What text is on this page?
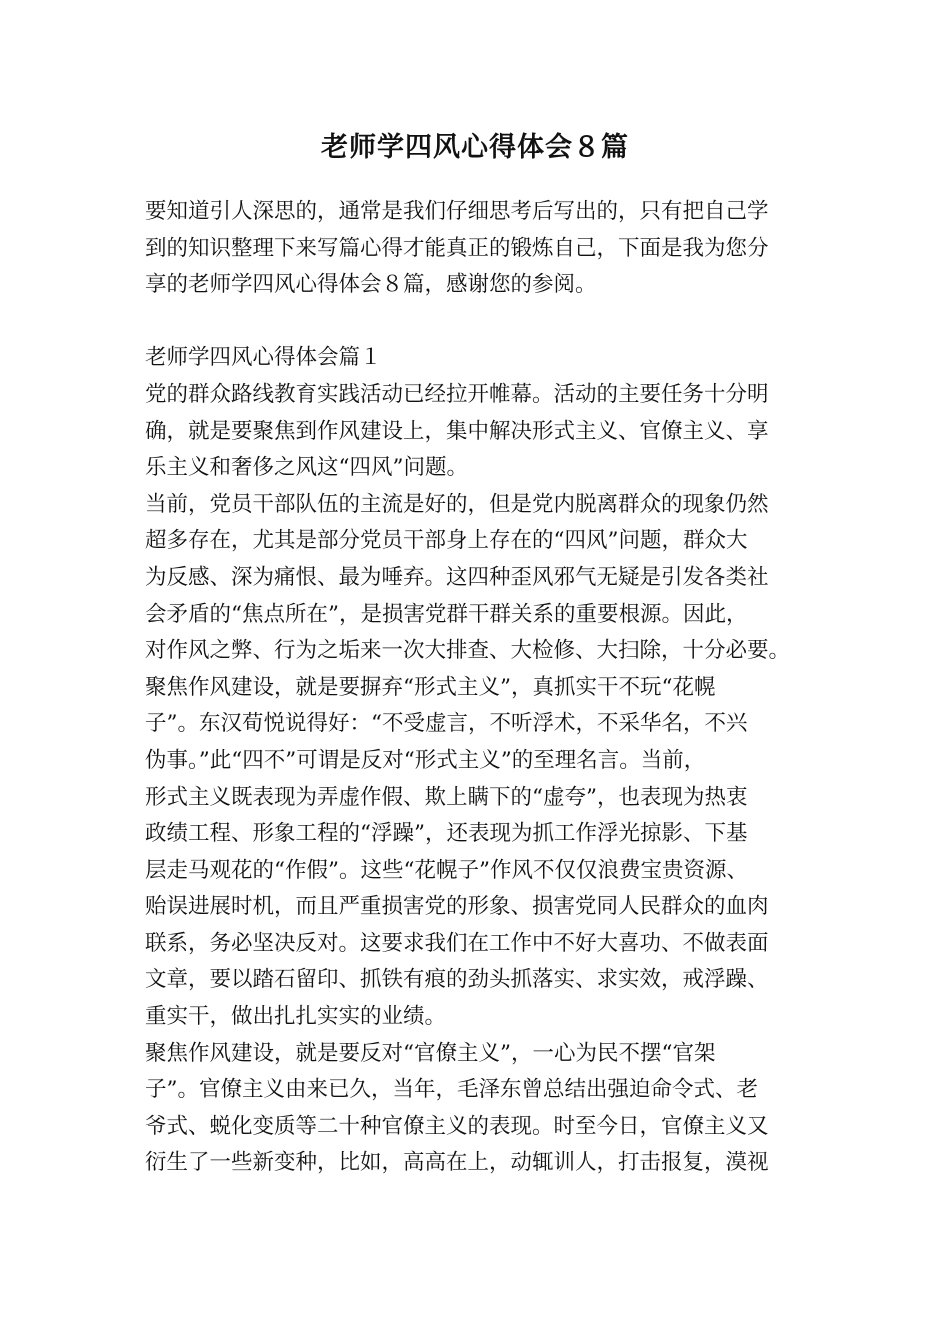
老师学四风心得体会８篇
要知道引人深思的，通常是我们仔细思考后写出的，只有把自己学
到的知识整理下来写篇心得才能真正的锻炼自己，下面是我为您分
享的老师学四风心得体会８篇，感谢您的参阅。
老师学四风心得体会篇１
党的群众路线教育实践活动已经拉开帷幕。活动的主要任务十分明
确，就是要聚焦到作风建设上，集中解决形式主义、官僚主义、享
乐主义和奢侈之风这“四风”问题。
当前，党员干部队伍的主流是好的，但是党内脱离群众的现象仍然
超多存在，尤其是部分党员干部身上存在的“四风”问题，群众大
为反感、深为痛恨、最为唾弃。这四种歪风邪气无疑是引发各类社
会矛盾的“焦点所在”，是损害党群干群关系的重要根源。因此，
对作风之弊、行为之垢来一次大排查、大检修、大扫除，十分必要。
聚焦作风建设，就是要摒弃“形式主义”，真抓实干不玩“花幌
子”。东汉荀悦说得好：“不受虚言，不听浮术，不采华名，不兴
伪事。”此“四不”可谓是反对“形式主义”的至理名言。当前，
形式主义既表现为弄虚作假、欺上瞒下的“虚夸”，也表现为热衷
政绩工程、形象工程的“浮躁”，还表现为抓工作浮光掠影、下基
层走马观花的“作假”。这些“花幌子”作风不仅仅浪费宝贵资源、
贻误进展时机，而且严重损害党的形象、损害党同人民群众的血肉
联系，务必坚决反对。这要求我们在工作中不好大喜功、不做表面
文章，要以踏石留印、抓铁有痕的劲头抓落实、求实效，戒浮躁、
重实干，做出扎扎实实的业绩。
聚焦作风建设，就是要反对“官僚主义”，一心为民不摆“官架
子”。官僚主义由来已久，当年，毛泽东曾总结出强迫命令式、老
爷式、蜕化变质等二十种官僚主义的表现。时至今日，官僚主义又
衍生了一些新变种，比如，高高在上，动辄训人，打击报复，漠视
